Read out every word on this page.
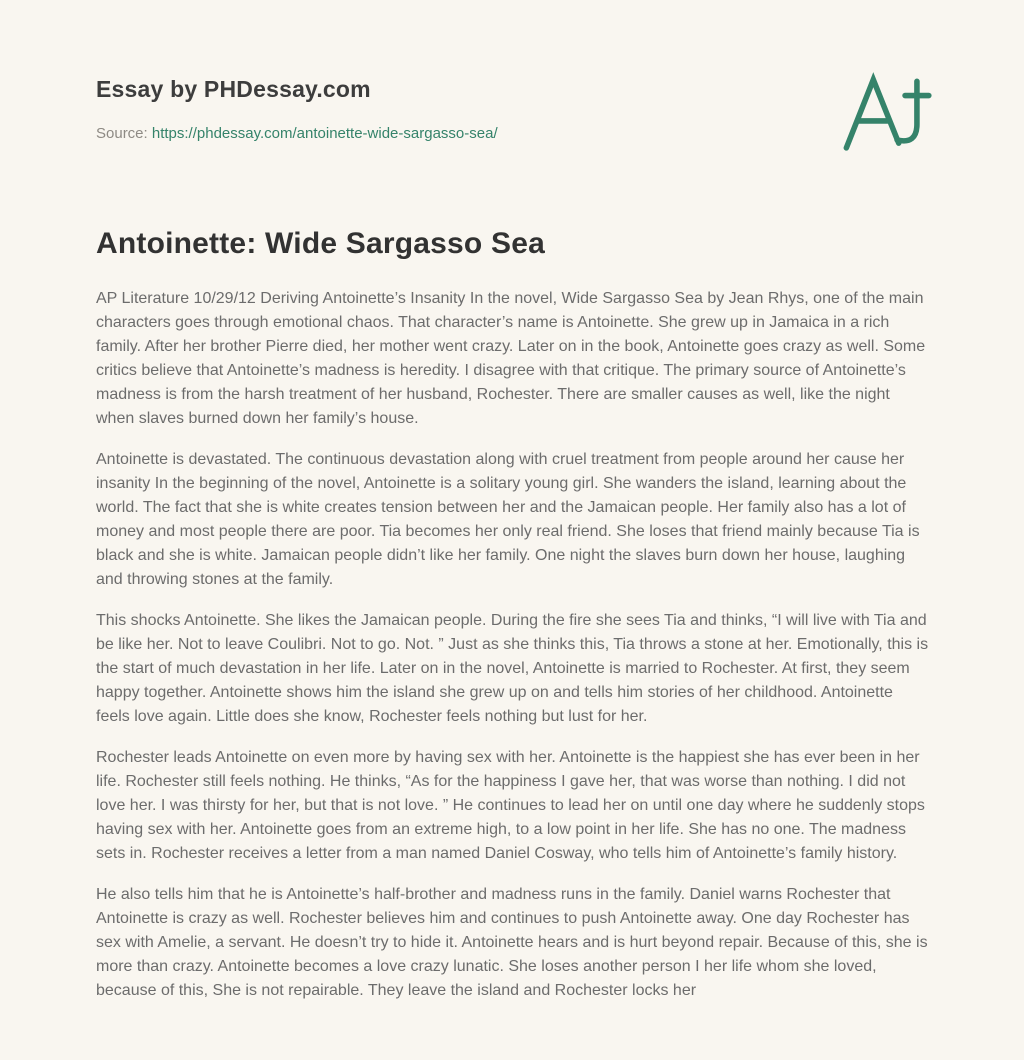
Essay by PHDessay.com

Source: https://phdessay.com/antoinette-wide-sargasso-sea/

Antoinette: Wide Sargasso Sea

AP Literature 10/29/12 Deriving Antoinette’s Insanity In the novel, Wide Sargasso Sea by Jean Rhys, one of the main characters goes through emotional chaos. That character’s name is Antoinette. She grew up in Jamaica in a rich family. After her brother Pierre died, her mother went crazy. Later on in the book, Antoinette goes crazy as well. Some critics believe that Antoinette’s madness is heredity. I disagree with that critique. The primary source of Antoinette’s madness is from the harsh treatment of her husband, Rochester. There are smaller causes as well, like the night when slaves burned down her family’s house.

Antoinette is devastated. The continuous devastation along with cruel treatment from people around her cause her insanity In the beginning of the novel, Antoinette is a solitary young girl. She wanders the island, learning about the world. The fact that she is white creates tension between her and the Jamaican people. Her family also has a lot of money and most people there are poor. Tia becomes her only real friend. She loses that friend mainly because Tia is black and she is white. Jamaican people didn’t like her family. One night the slaves burn down her house, laughing and throwing stones at the family.

This shocks Antoinette. She likes the Jamaican people. During the fire she sees Tia and thinks, “I will live with Tia and be like her. Not to leave Coulibri. Not to go. Not. ” Just as she thinks this, Tia throws a stone at her. Emotionally, this is the start of much devastation in her life. Later on in the novel, Antoinette is married to Rochester. At first, they seem happy together. Antoinette shows him the island she grew up on and tells him stories of her childhood. Antoinette feels love again. Little does she know, Rochester feels nothing but lust for her.

Rochester leads Antoinette on even more by having sex with her. Antoinette is the happiest she has ever been in her life. Rochester still feels nothing. He thinks, “As for the happiness I gave her, that was worse than nothing. I did not love her. I was thirsty for her, but that is not love. ” He continues to lead her on until one day where he suddenly stops having sex with her. Antoinette goes from an extreme high, to a low point in her life. She has no one. The madness sets in. Rochester receives a letter from a man named Daniel Cosway, who tells him of Antoinette’s family history.

He also tells him that he is Antoinette’s half-brother and madness runs in the family. Daniel warns Rochester that Antoinette is crazy as well. Rochester believes him and continues to push Antoinette away. One day Rochester has sex with Amelie, a servant. He doesn’t try to hide it. Antoinette hears and is hurt beyond repair. Because of this, she is more than crazy. Antoinette becomes a love crazy lunatic. She loses another person I her life whom she loved, because of this, She is not repairable. They leave the island and Rochester locks her
